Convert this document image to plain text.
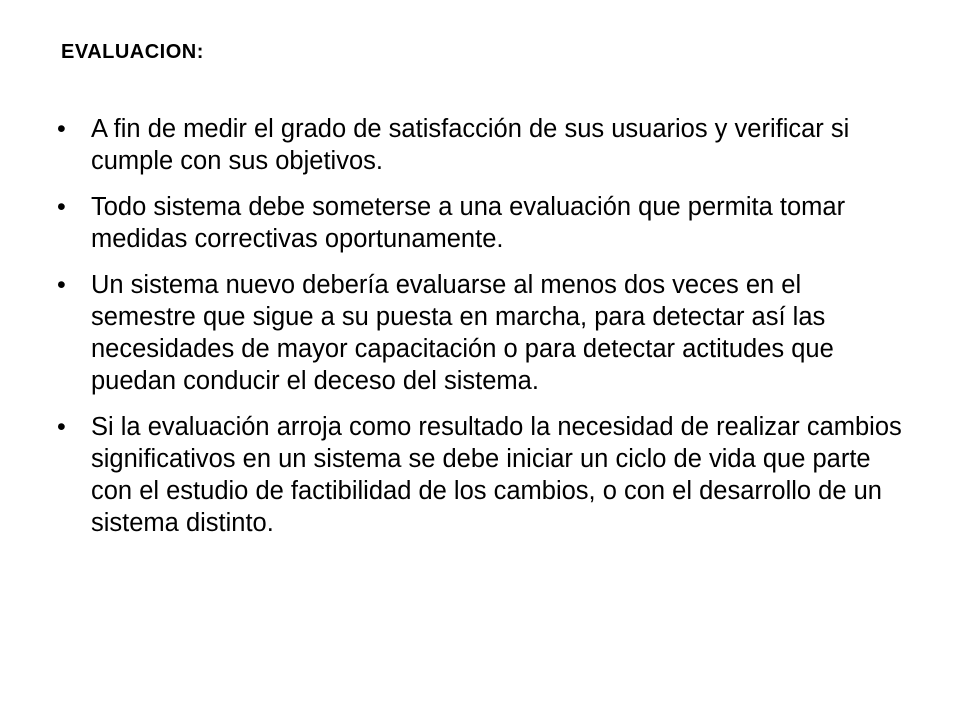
EVALUACION:
• A fin de medir el grado de satisfacción de sus usuarios y verificar si cumple con sus objetivos.
• Todo sistema debe someterse a una evaluación que permita tomar medidas correctivas oportunamente.
• Un sistema nuevo debería evaluarse al menos dos veces en el semestre que sigue a su puesta en marcha, para detectar así las necesidades de mayor capacitación o para detectar actitudes que puedan conducir el deceso del sistema.
• Si la evaluación arroja como resultado la necesidad de realizar cambios significativos en un sistema se debe iniciar un ciclo de vida que parte con el estudio de factibilidad de los cambios, o con el desarrollo de un sistema distinto.
